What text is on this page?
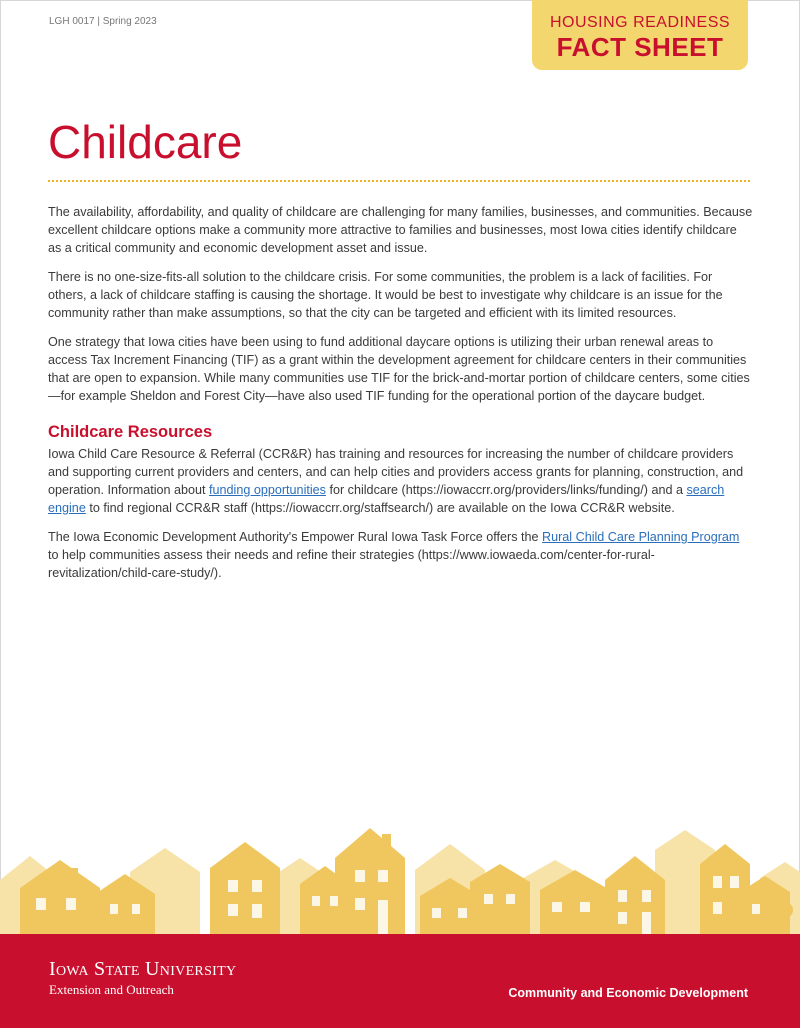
LGH 0017 | Spring 2023	HOUSING READINESS
FACT SHEET
Childcare

The availability, affordability, and quality of childcare are challenging for many families, businesses, and communities. Because excellent childcare options make a community more attractive to families and businesses, most Iowa cities identify childcare as a critical community and economic development asset and issue.

There is no one-size-fits-all solution to the childcare crisis. For some communities, the problem is a lack of facilities. For others, a lack of childcare staffing is causing the shortage. It would be best to investigate why childcare is an issue for the community rather than make assumptions, so that the city can be targeted and efficient with its limited resources.

One strategy that Iowa cities have been using to fund additional daycare options is utilizing their urban renewal areas to access Tax Increment Financing (TIF) as a grant within the development agreement for childcare centers in their communities that are open to expansion. While many communities use TIF for the brick-and-mortar portion of childcare centers, some cities—for example Sheldon and Forest City—have also used TIF funding for the operational portion of the daycare budget.

Childcare Resources

Iowa Child Care Resource & Referral (CCR&R) has training and resources for increasing the number of childcare providers and supporting current providers and centers, and can help cities and providers access grants for planning, construction, and operation. Information about funding opportunities for childcare (https://iowaccrr.org/providers/links/funding/) and a search engine to find regional CCR&R staff (https://iowaccrr.org/staffsearch/) are available on the Iowa CCR&R website.

The Iowa Economic Development Authority's Empower Rural Iowa Task Force offers the Rural Child Care Planning Program to help communities assess their needs and refine their strategies (https://www.iowaeda.com/center-for-rural-revitalization/child-care-study/).

Iowa State University
Extension and Outreach	Community and Economic Development
